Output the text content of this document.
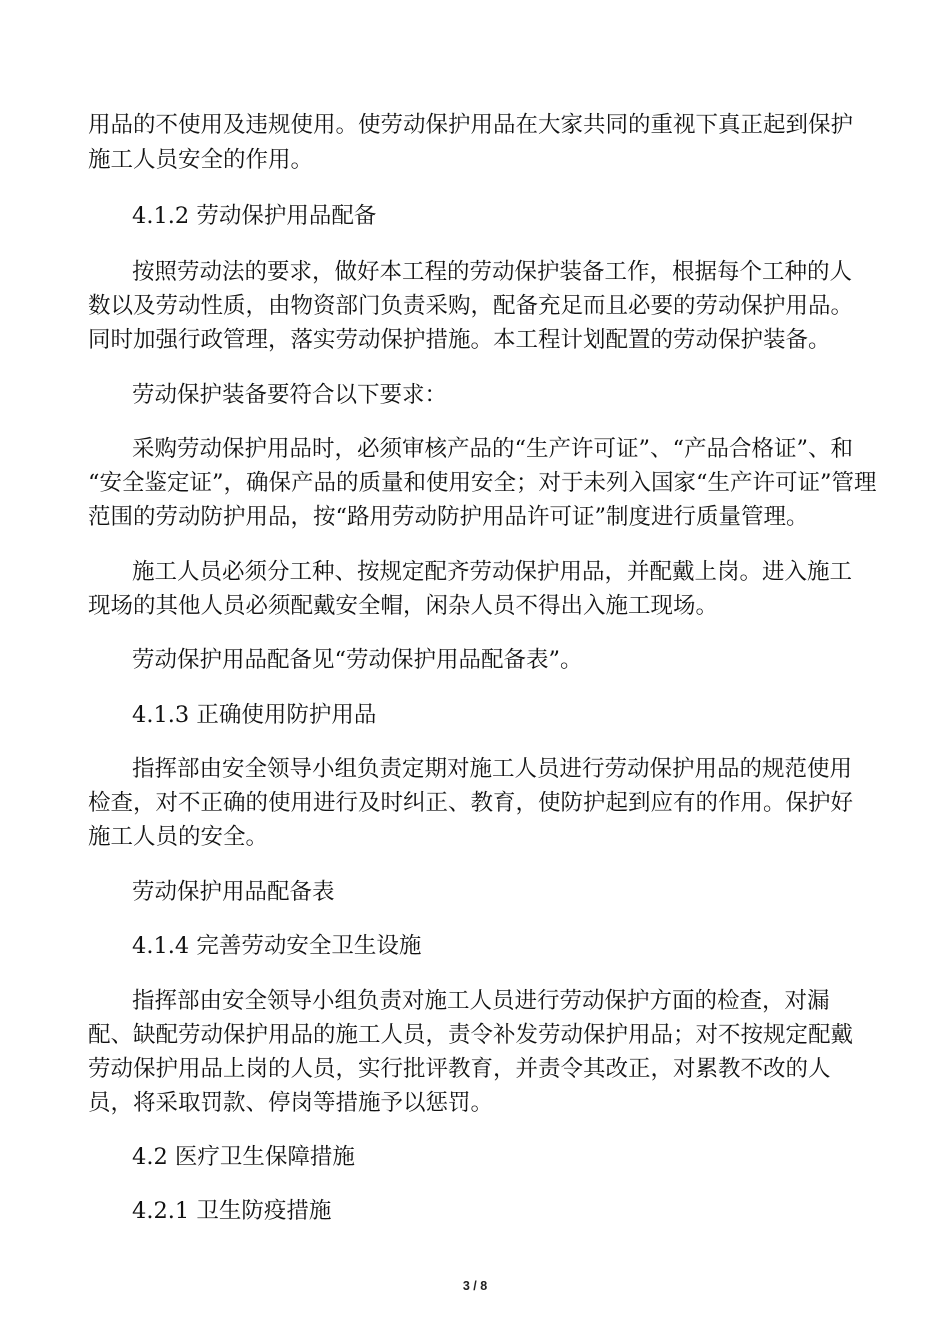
用品的不使用及违规使用。使劳动保护用品在大家共同的重视下真正起到保护
施工人员安全的作用。
4.1.2 劳动保护用品配备
按照劳动法的要求，做好本工程的劳动保护装备工作，根据每个工种的人
数以及劳动性质，由物资部门负责采购，配备充足而且必要的劳动保护用品。
同时加强行政管理，落实劳动保护措施。本工程计划配置的劳动保护装备。
劳动保护装备要符合以下要求：
采购劳动保护用品时，必须审核产品的“生产许可证”、“产品合格证”、和
“安全鉴定证”，确保产品的质量和使用安全；对于未列入国家“生产许可证”管理
范围的劳动防护用品，按“路用劳动防护用品许可证”制度进行质量管理。
施工人员必须分工种、按规定配齐劳动保护用品，并配戴上岗。进入施工
现场的其他人员必须配戴安全帽，闲杂人员不得出入施工现场。
劳动保护用品配备见“劳动保护用品配备表”。
4.1.3 正确使用防护用品
指挥部由安全领导小组负责定期对施工人员进行劳动保护用品的规范使用
检查，对不正确的使用进行及时纠正、教育，使防护起到应有的作用。保护好
施工人员的安全。
劳动保护用品配备表
4.1.4 完善劳动安全卫生设施
指挥部由安全领导小组负责对施工人员进行劳动保护方面的检查，对漏
配、缺配劳动保护用品的施工人员，责令补发劳动保护用品；对不按规定配戴
劳动保护用品上岗的人员，实行批评教育，并责令其改正，对累教不改的人
员，将采取罚款、停岗等措施予以惩罚。
4.2 医疗卫生保障措施
4.2.1 卫生防疫措施
3 / 8
